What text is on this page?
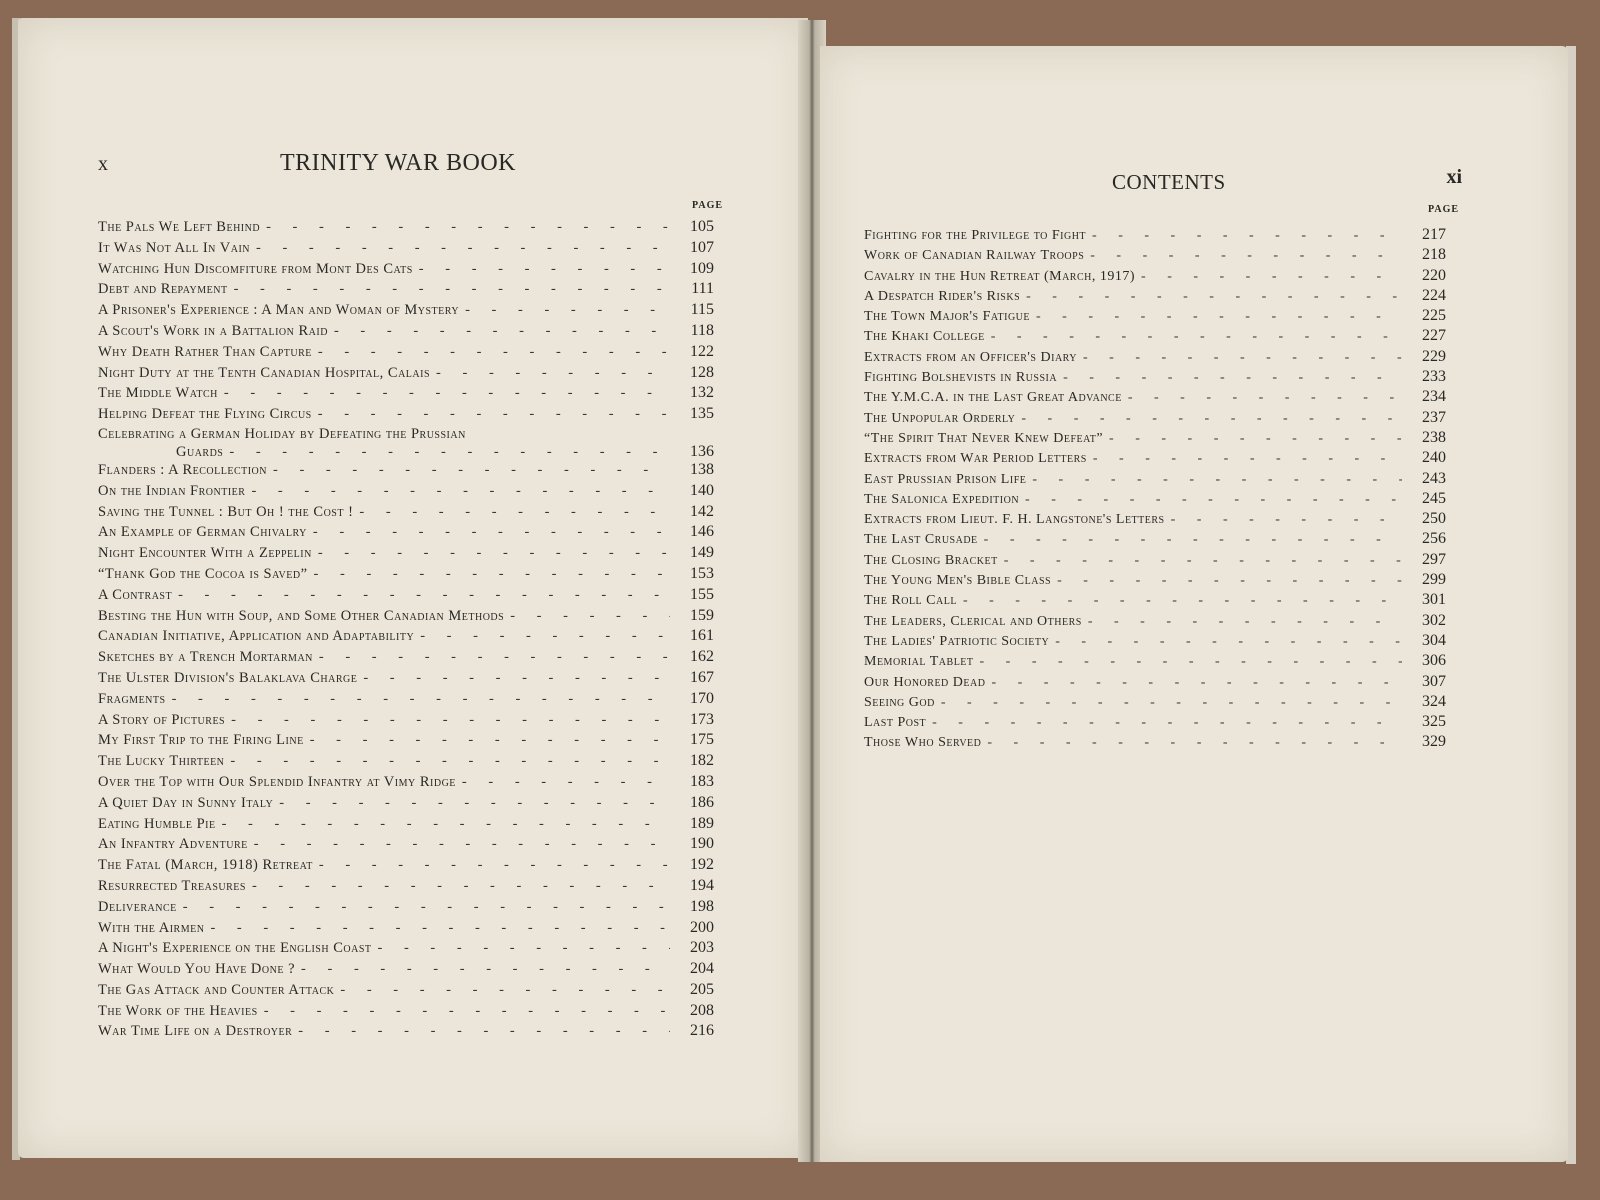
x	TRINITY WAR BOOK
PAGE
The Pals We Left Behind - - -	105
It Was Not All In Vain - - -	107
Watching Hun Discomfiture from Mont Des Cats - - -	109
Debt and Repayment - - -	111
A Prisoner's Experience : A Man and Woman of Mystery - - -	115
A Scout's Work in a Battalion Raid - - -	118
Why Death Rather Than Capture - - -	122
Night Duty at the Tenth Canadian Hospital, Calais - - -	128
The Middle Watch - - -	132
Helping Defeat the Flying Circus - - -	135
Celebrating a German Holiday by Defeating the Prussian
Guards - - -	136
Flanders : A Recollection - - -	138
On the Indian Frontier - - -	140
Saving the Tunnel : But Oh ! the Cost ! - - -	142
An Example of German Chivalry - - -	146
Night Encounter With a Zeppelin - - -	149
“Thank God the Cocoa is Saved” - - -	153
A Contrast - - -	155
Besting the Hun with Soup, and Some Other Canadian Methods - - -	159
Canadian Initiative, Application and Adaptability - - -	161
Sketches by a Trench Mortarman - - -	162
The Ulster Division's Balaklava Charge - - -	167
Fragments - - -	170
A Story of Pictures - - -	173
My First Trip to the Firing Line - - -	175
The Lucky Thirteen - - -	182
Over the Top with Our Splendid Infantry at Vimy Ridge - - -	183
A Quiet Day in Sunny Italy - - -	186
Eating Humble Pie - - -	189
An Infantry Adventure - - -	190
The Fatal (March, 1918) Retreat - - -	192
Resurrected Treasures - - -	194
Deliverance - - -	198
With the Airmen - - -	200
A Night's Experience on the English Coast - - -	203
What Would You Have Done ? - - -	204
The Gas Attack and Counter Attack - - -	205
The Work of the Heavies - - -	208
War Time Life on a Destroyer - - -	216
CONTENTS	xi
PAGE
Fighting for the Privilege to Fight - - -	217
Work of Canadian Railway Troops - - -	218
Cavalry in the Hun Retreat (March, 1917) - - -	220
A Despatch Rider's Risks - - -	224
The Town Major's Fatigue - - -	225
The Khaki College - - -	227
Extracts from an Officer's Diary - - -	229
Fighting Bolshevists in Russia - - -	233
The Y.M.C.A. in the Last Great Advance - - -	234
The Unpopular Orderly - - -	237
“The Spirit That Never Knew Defeat” - - -	238
Extracts from War Period Letters - - -	240
East Prussian Prison Life - - -	243
The Salonica Expedition - - -	245
Extracts from Lieut. F. H. Langstone's Letters - - -	250
The Last Crusade - - -	256
The Closing Bracket - - -	297
The Young Men's Bible Class - - -	299
The Roll Call - - -	301
The Leaders, Clerical and Others - - -	302
The Ladies' Patriotic Society - - -	304
Memorial Tablet - - -	306
Our Honored Dead - - -	307
Seeing God - - -	324
Last Post - - -	325
Those Who Served - - -	329
